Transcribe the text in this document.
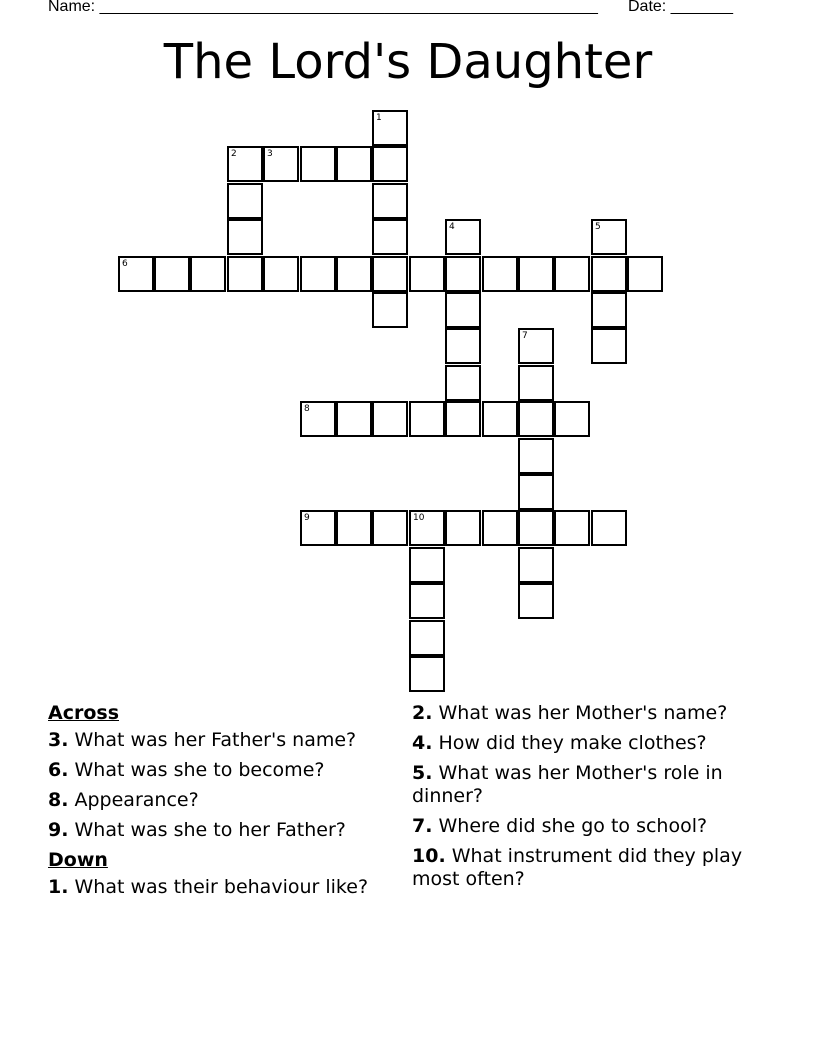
Name: ________________________________________________________ Date: _______
The Lord's Daughter
1
3
2
4	5
6
7
8
9	10
Across
3. What was her Father's name?
6. What was she to become?
8. Appearance?
9. What was she to her Father?
Down
1. What was their behaviour like?
2. What was her Mother's name?
4. How did they make clothes?
5. What was her Mother's role in dinner?
7. Where did she go to school?
10. What instrument did they play most often?
